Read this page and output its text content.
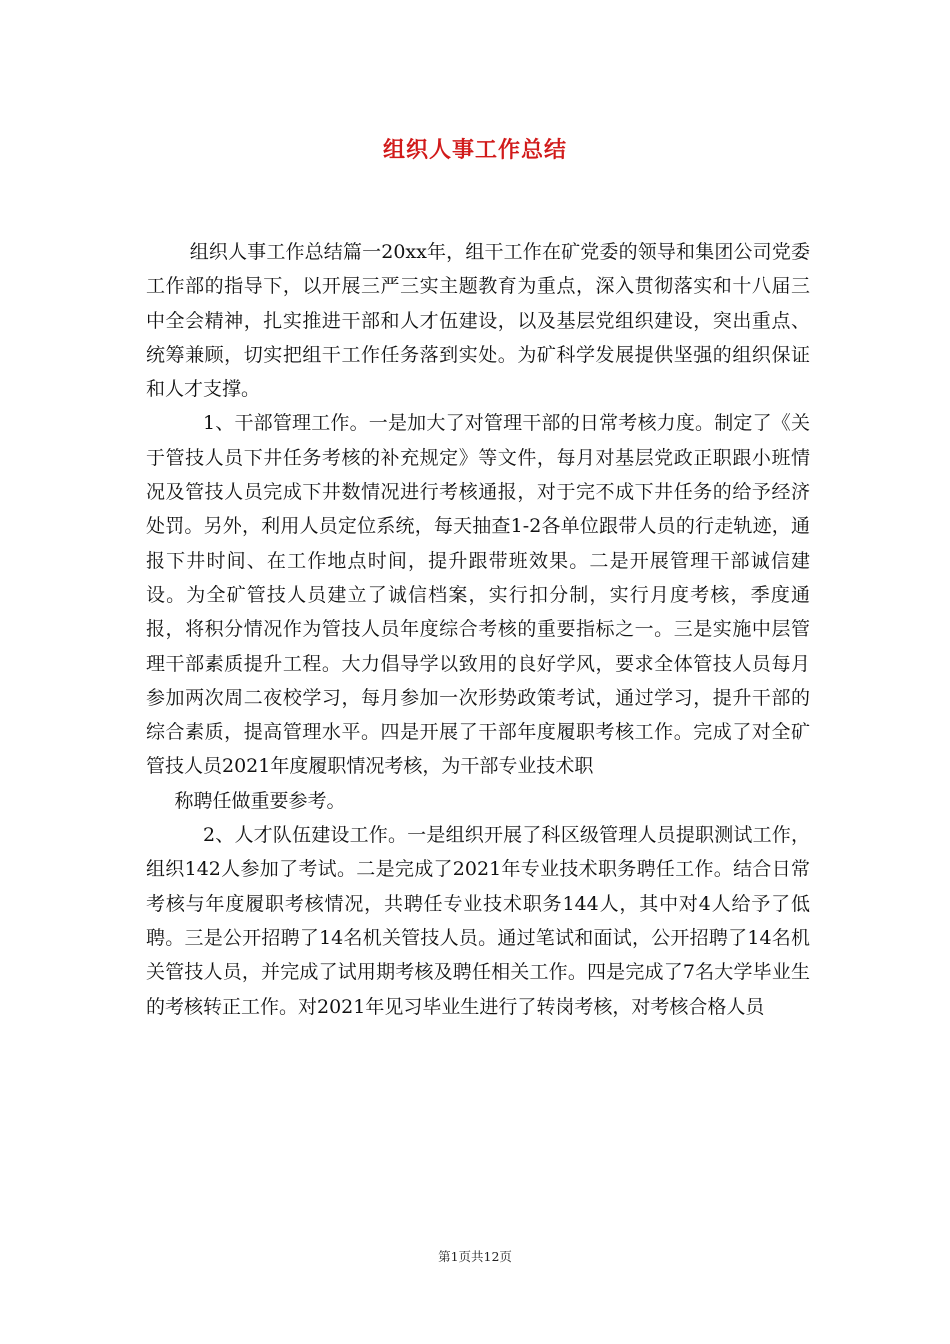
组织人事工作总结

组织人事工作总结篇一20xx年，组干工作在矿党委的领导和集团公司党委工作部的指导下，以开展三严三实主题教育为重点，深入贯彻落实和十八届三中全会精神，扎实推进干部和人才伍建设，以及基层党组织建设，突出重点、统筹兼顾，切实把组干工作任务落到实处。为矿科学发展提供坚强的组织保证和人才支撑。

1、干部管理工作。一是加大了对管理干部的日常考核力度。制定了《关于管技人员下井任务考核的补充规定》等文件，每月对基层党政正职跟小班情况及管技人员完成下井数情况进行考核通报，对于完不成下井任务的给予经济处罚。另外，利用人员定位系统，每天抽查1-2各单位跟带人员的行走轨迹，通报下井时间、在工作地点时间，提升跟带班效果。二是开展管理干部诚信建设。为全矿管技人员建立了诚信档案，实行扣分制，实行月度考核，季度通报，将积分情况作为管技人员年度综合考核的重要指标之一。三是实施中层管理干部素质提升工程。大力倡导学以致用的良好学风，要求全体管技人员每月参加两次周二夜校学习，每月参加一次形势政策考试，通过学习，提升干部的综合素质，提高管理水平。四是开展了干部年度履职考核工作。完成了对全矿管技人员2021年度履职情况考核，为干部专业技术职

称聘任做重要参考。

2、人才队伍建设工作。一是组织开展了科区级管理人员提职测试工作，组织142人参加了考试。二是完成了2021年专业技术职务聘任工作。结合日常考核与年度履职考核情况，共聘任专业技术职务144人，其中对4人给予了低聘。三是公开招聘了14名机关管技人员。通过笔试和面试，公开招聘了14名机关管技人员，并完成了试用期考核及聘任相关工作。四是完成了7名大学毕业生的考核转正工作。对2021年见习毕业生进行了转岗考核，对考核合格人员

第1页共12页
